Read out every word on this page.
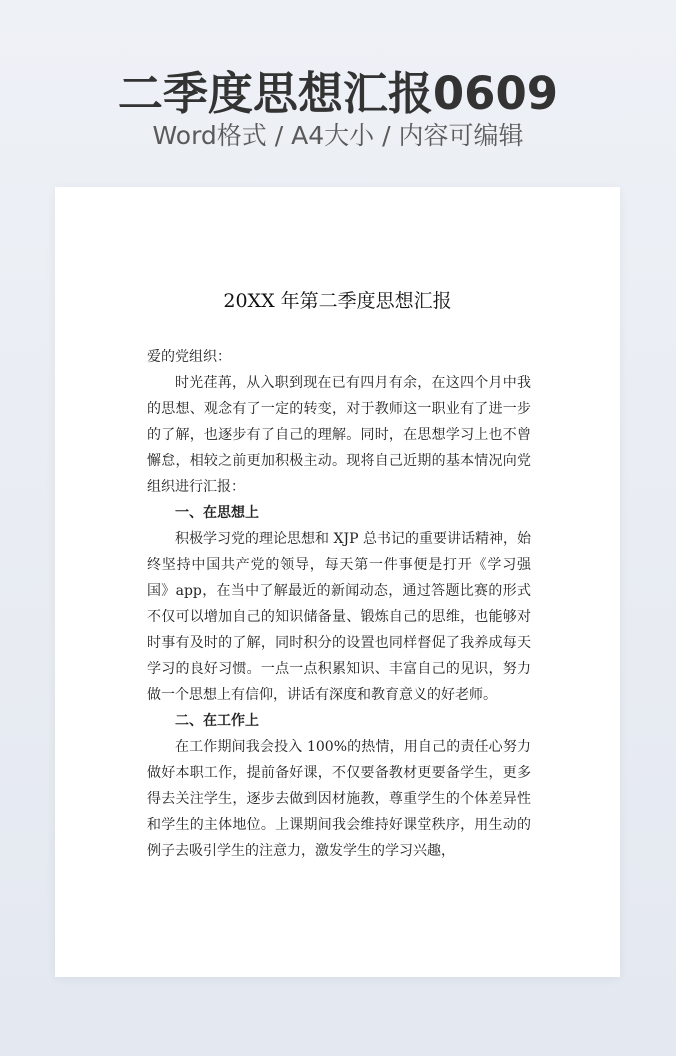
二季度思想汇报0609
Word格式 / A4大小 / 内容可编辑
20XX 年第二季度思想汇报

爱的党组织：

时光荏苒，从入职到现在已有四月有余，在这四个月中我的思想、观念有了一定的转变，对于教师这一职业有了进一步的了解，也逐步有了自己的理解。同时，在思想学习上也不曾懈怠，相较之前更加积极主动。现将自己近期的基本情况向党组织进行汇报：

一、在思想上

积极学习党的理论思想和 XJP 总书记的重要讲话精神，始终坚持中国共产党的领导，每天第一件事便是打开《学习强国》app，在当中了解最近的新闻动态，通过答题比赛的形式不仅可以增加自己的知识储备量、锻炼自己的思维，也能够对时事有及时的了解，同时积分的设置也同样督促了我养成每天学习的良好习惯。一点一点积累知识、丰富自己的见识，努力做一个思想上有信仰，讲话有深度和教育意义的好老师。

二、在工作上

在工作期间我会投入 100%的热情，用自己的责任心努力做好本职工作，提前备好课，不仅要备教材更要备学生，更多得去关注学生，逐步去做到因材施教，尊重学生的个体差异性和学生的主体地位。上课期间我会维持好课堂秩序，用生动的例子去吸引学生的注意力，激发学生的学习兴趣，
